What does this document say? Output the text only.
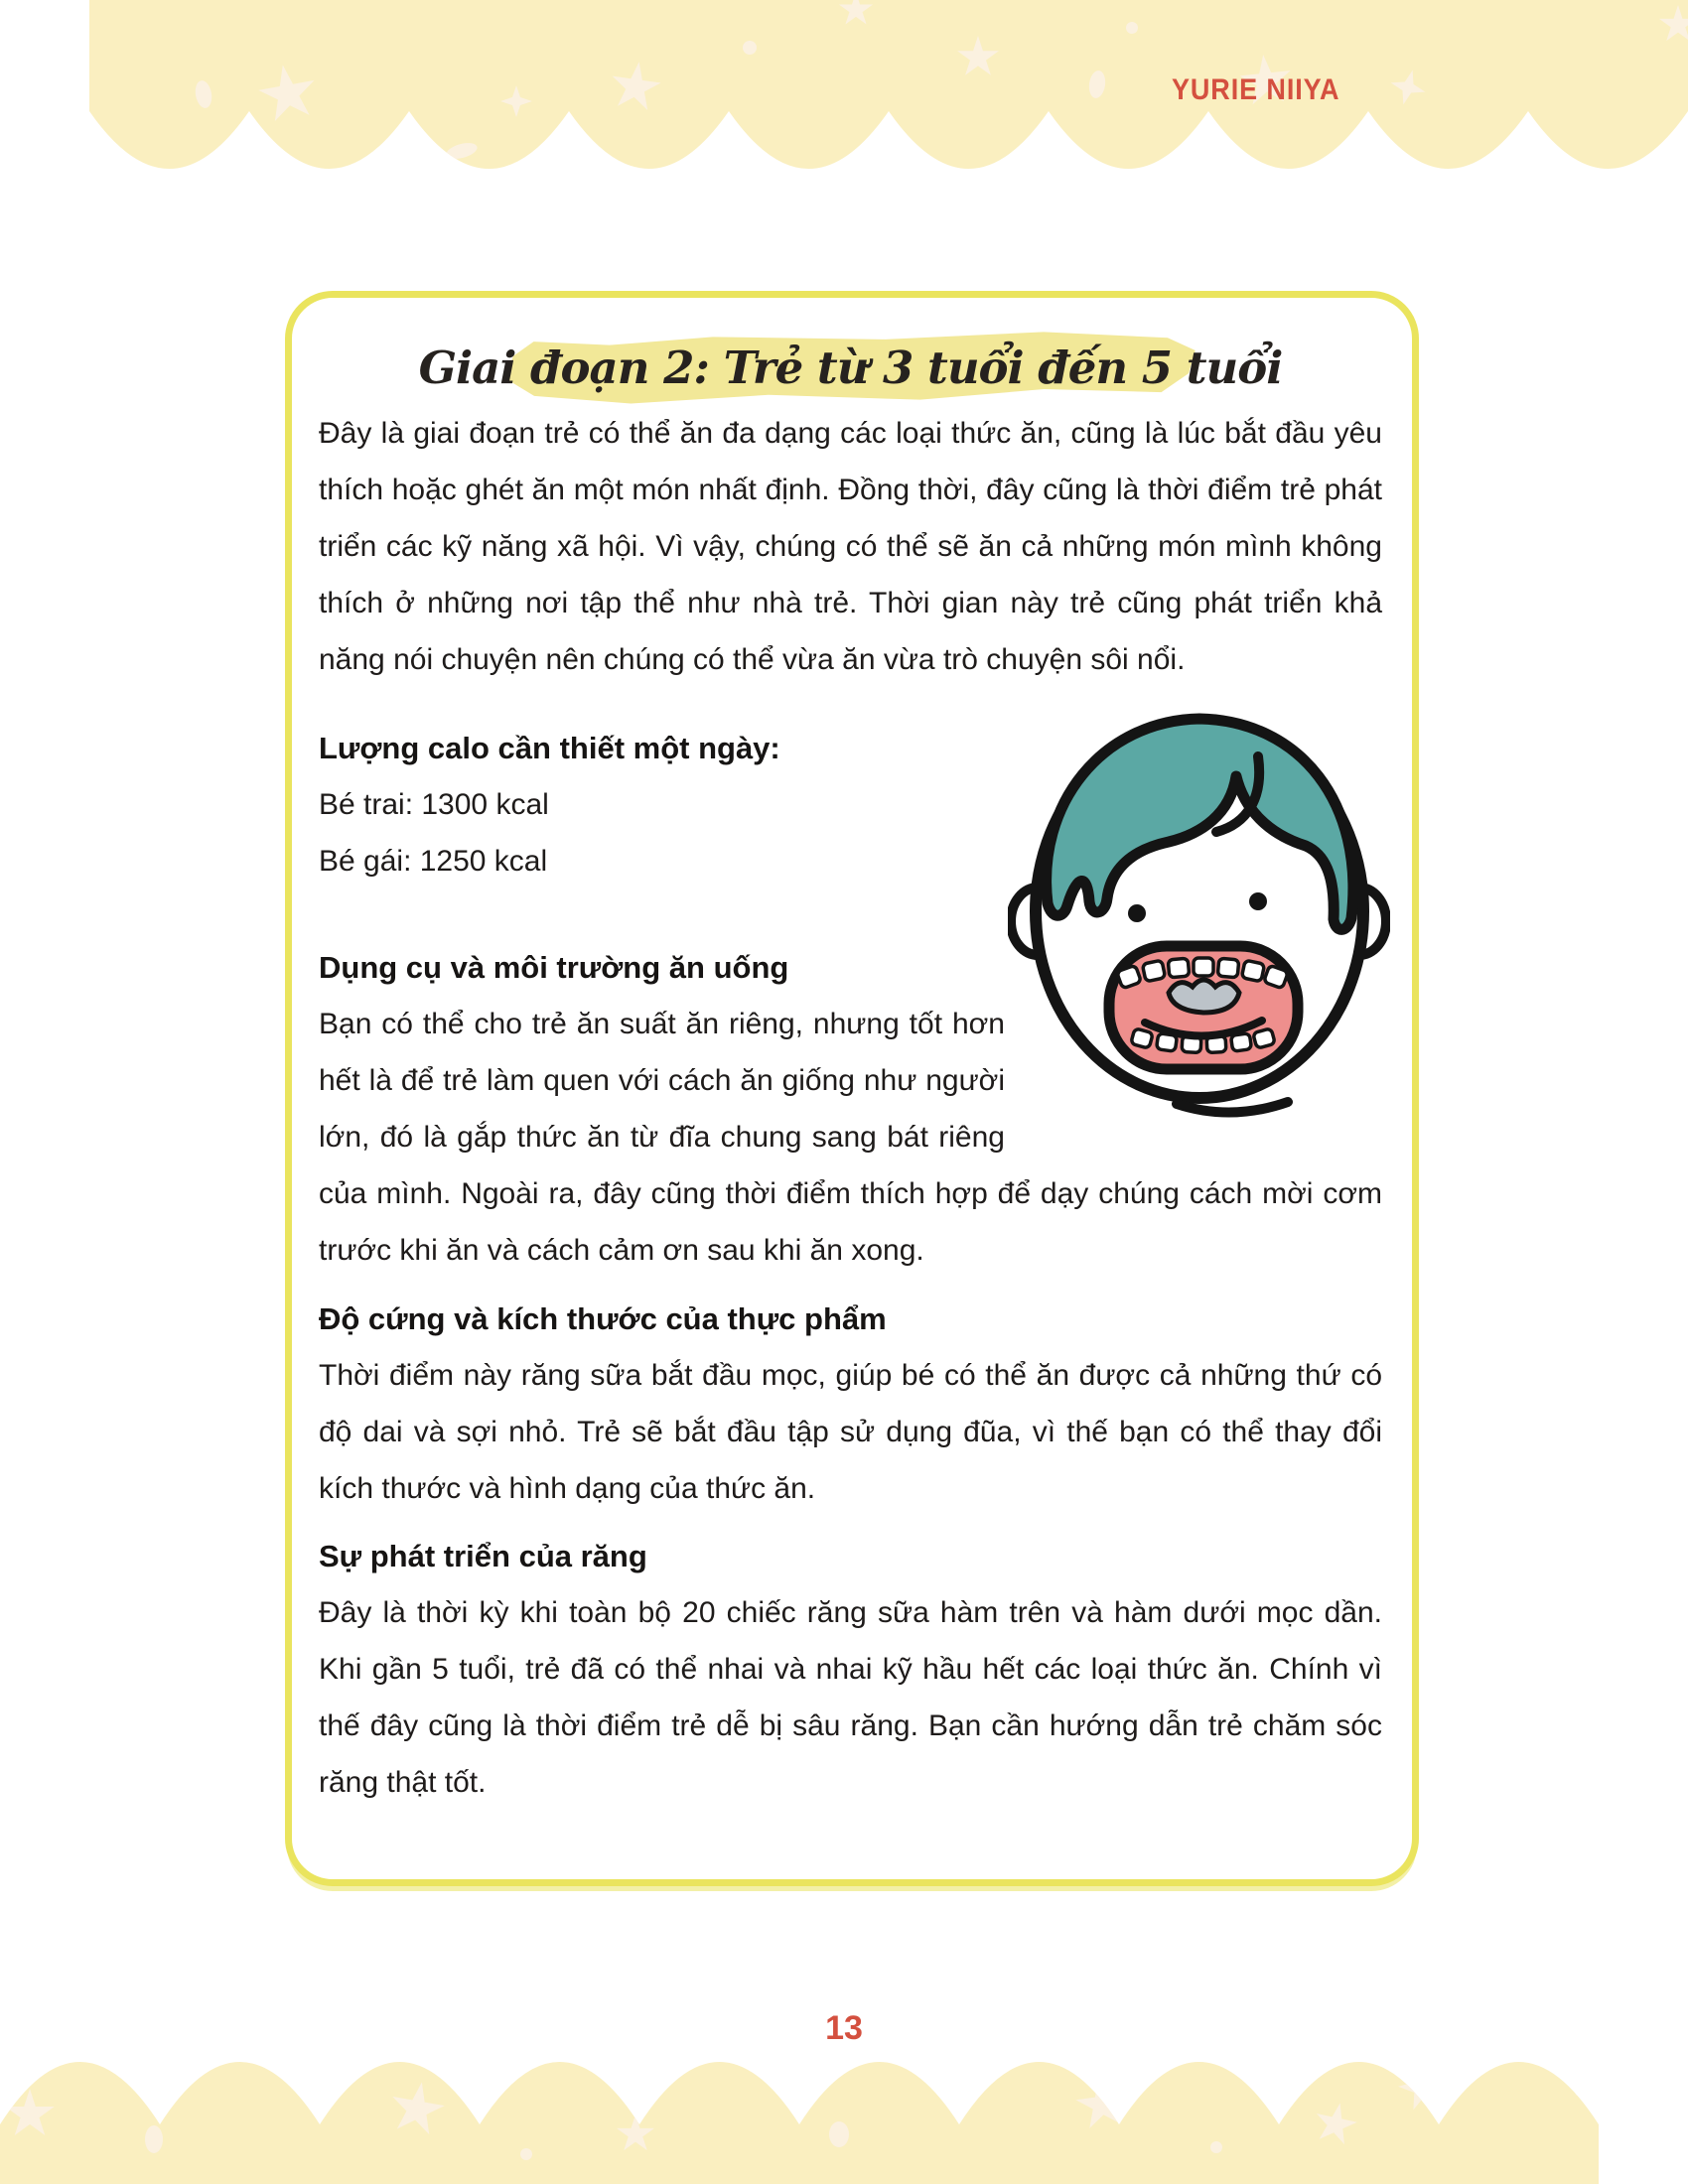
YURIE NIIYA
Giai đoạn 2: Trẻ từ 3 tuổi đến 5 tuổi

Đây là giai đoạn trẻ có thể ăn đa dạng các loại thức ăn, cũng là lúc bắt đầu yêu thích hoặc ghét ăn một món nhất định. Đồng thời, đây cũng là thời điểm trẻ phát triển các kỹ năng xã hội. Vì vậy, chúng có thể sẽ ăn cả những món mình không thích ở những nơi tập thể như nhà trẻ. Thời gian này trẻ cũng phát triển khả năng nói chuyện nên chúng có thể vừa ăn vừa trò chuyện sôi nổi.

Lượng calo cần thiết một ngày:

Bé trai: 1300 kcal
Bé gái: 1250 kcal

Dụng cụ và môi trường ăn uống

Bạn có thể cho trẻ ăn suất ăn riêng, nhưng tốt hơn hết là để trẻ làm quen với cách ăn giống như người lớn, đó là gắp thức ăn từ đĩa chung sang bát riêng của mình. Ngoài ra, đây cũng thời điểm thích hợp để dạy chúng cách mời cơm trước khi ăn và cách cảm ơn sau khi ăn xong.

Độ cứng và kích thước của thực phẩm

Thời điểm này răng sữa bắt đầu mọc, giúp bé có thể ăn được cả những thứ có độ dai và sợi nhỏ. Trẻ sẽ bắt đầu tập sử dụng đũa, vì thế bạn có thể thay đổi kích thước và hình dạng của thức ăn.

Sự phát triển của răng

Đây là thời kỳ khi toàn bộ 20 chiếc răng sữa hàm trên và hàm dưới mọc dần. Khi gần 5 tuổi, trẻ đã có thể nhai và nhai kỹ hầu hết các loại thức ăn. Chính vì thế đây cũng là thời điểm trẻ dễ bị sâu răng. Bạn cần hướng dẫn trẻ chăm sóc răng thật tốt.

13
